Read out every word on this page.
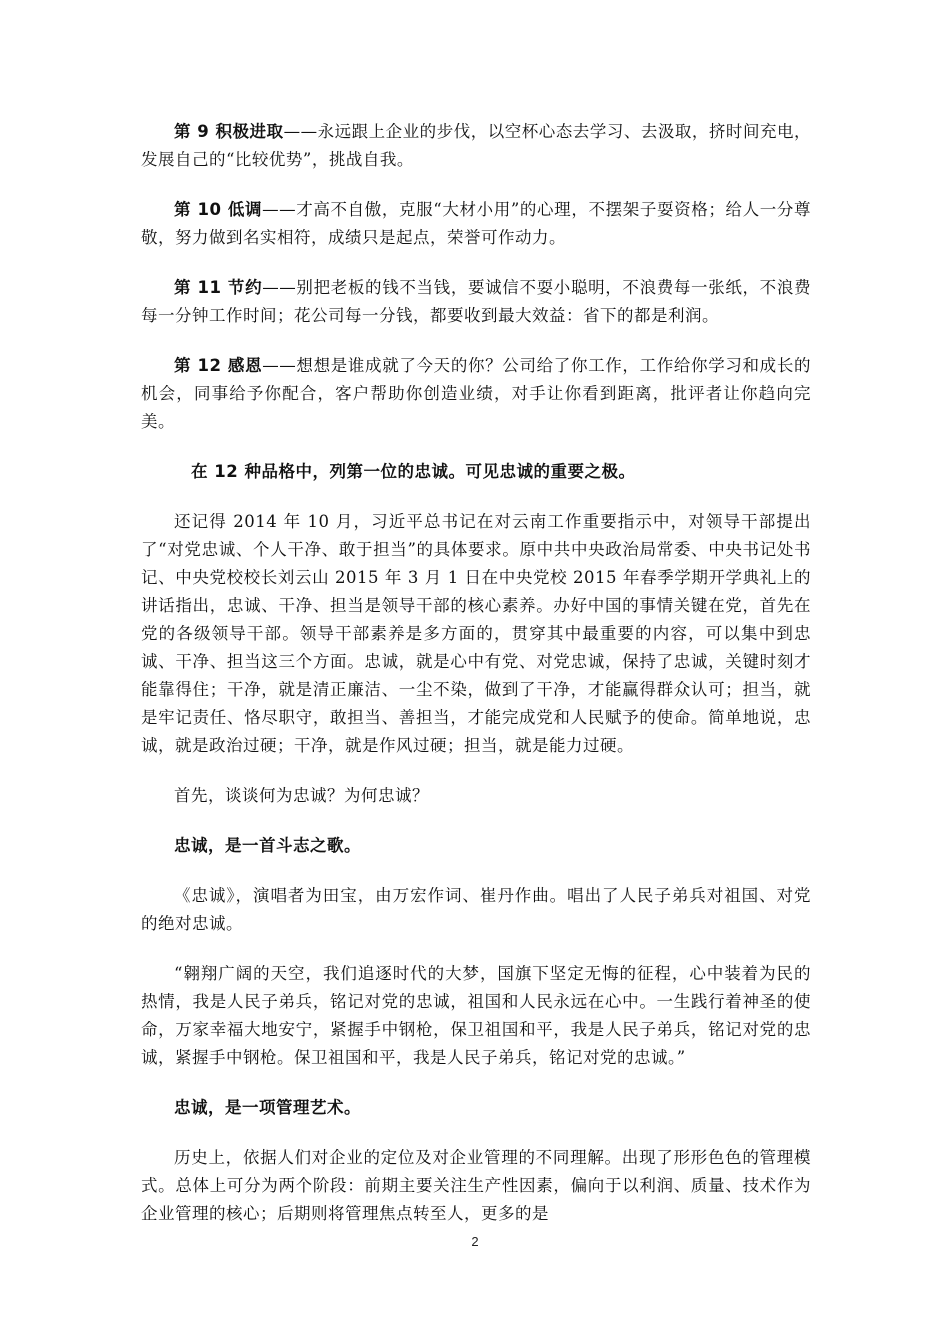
第 9 积极进取——永远跟上企业的步伐，以空杯心态去学习、去汲取，挤时间充电，发展自己的“比较优势”，挑战自我。

第 10 低调——才高不自傲，克服“大材小用”的心理，不摆架子耍资格；给人一分尊敬，努力做到名实相符，成绩只是起点，荣誉可作动力。

第 11 节约——别把老板的钱不当钱，要诚信不耍小聪明，不浪费每一张纸，不浪费每一分钟工作时间；花公司每一分钱，都要收到最大效益：省下的都是利润。

第 12 感恩——想想是谁成就了今天的你？公司给了你工作，工作给你学习和成长的机会，同事给予你配合，客户帮助你创造业绩，对手让你看到距离，批评者让你趋向完美。

在 12 种品格中，列第一位的忠诚。可见忠诚的重要之极。

还记得 2014 年 10 月，习近平总书记在对云南工作重要指示中，对领导干部提出了“对党忠诚、个人干净、敢于担当”的具体要求。原中共中央政治局常委、中央书记处书记、中央党校校长刘云山 2015 年 3 月 1 日在中央党校 2015 年春季学期开学典礼上的讲话指出，忠诚、干净、担当是领导干部的核心素养。办好中国的事情关键在党，首先在党的各级领导干部。领导干部素养是多方面的，贯穿其中最重要的内容，可以集中到忠诚、干净、担当这三个方面。忠诚，就是心中有党、对党忠诚，保持了忠诚，关键时刻才能靠得住；干净，就是清正廉洁、一尘不染，做到了干净，才能赢得群众认可；担当，就是牢记责任、恪尽职守，敢担当、善担当，才能完成党和人民赋予的使命。简单地说，忠诚，就是政治过硬；干净，就是作风过硬；担当，就是能力过硬。

首先，谈谈何为忠诚？为何忠诚？

忠诚，是一首斗志之歌。

《忠诚》，演唱者为田宝，由万宏作词、崔丹作曲。唱出了人民子弟兵对祖国、对党的绝对忠诚。

“翱翔广阔的天空，我们追逐时代的大梦，国旗下坚定无悔的征程，心中装着为民的热情，我是人民子弟兵，铭记对党的忠诚，祖国和人民永远在心中。一生践行着神圣的使命，万家幸福大地安宁，紧握手中钢枪，保卫祖国和平，我是人民子弟兵，铭记对党的忠诚，紧握手中钢枪。保卫祖国和平，我是人民子弟兵，铭记对党的忠诚。”

忠诚，是一项管理艺术。

历史上，依据人们对企业的定位及对企业管理的不同理解。出现了形形色色的管理模式。总体上可分为两个阶段：前期主要关注生产性因素，偏向于以利润、质量、技术作为企业管理的核心；后期则将管理焦点转至人，更多的是

2
